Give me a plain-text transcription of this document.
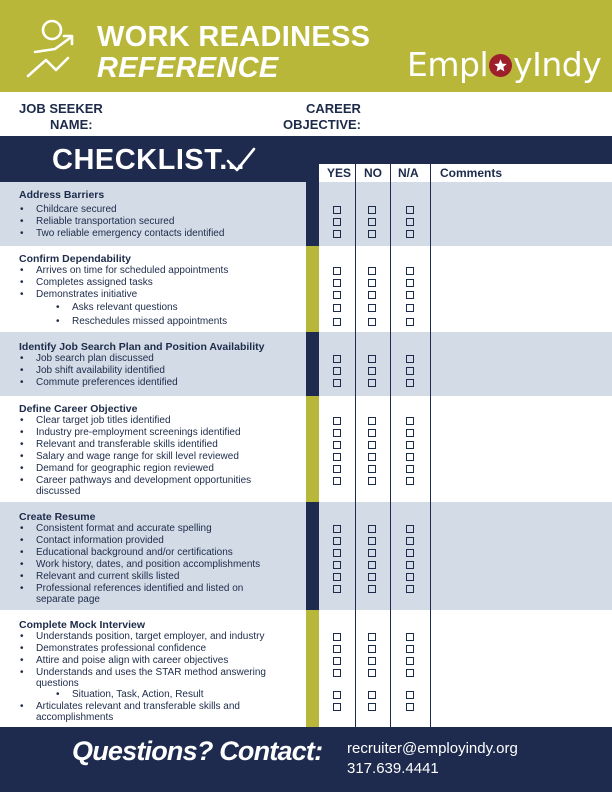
WORK READINESS
REFERENCE	Empl yIndy
JOB SEEKER
NAME:
CAREER
OBJECTIVE:
CHECKLIST...	YES NO N/A Comments
Address Barriers
• Childcare secured
• Reliable transportation secured
• Two reliable emergency contacts identified
Confirm Dependability
• Arrives on time for scheduled appointments
• Completes assigned tasks
• Demonstrates initiative
• Asks relevant questions
• Reschedules missed appointments
Identify Job Search Plan and Position Availability
• Job search plan discussed
• Job shift availability identified
• Commute preferences identified
Define Career Objective
• Clear target job titles identified
• Industry pre-employment screenings identified
• Relevant and transferable skills identified
• Salary and wage range for skill level reviewed
• Demand for geographic region reviewed
• Career pathways and development opportunities
discussed
Create Resume
• Consistent format and accurate spelling
• Contact information provided
• Educational background and/or certifications
• Work history, dates, and position accomplishments
• Relevant and current skills listed
• Professional references identified and listed on
separate page
Complete Mock Interview
• Understands position, target employer, and industry
• Demonstrates professional confidence
• Attire and poise align with career objectives
• Understands and uses the STAR method answering
questions
• Situation, Task, Action, Result
• Articulates relevant and transferable skills and
accomplishments
Questions? Contact: recruiter@employindy.org
317.639.4441
